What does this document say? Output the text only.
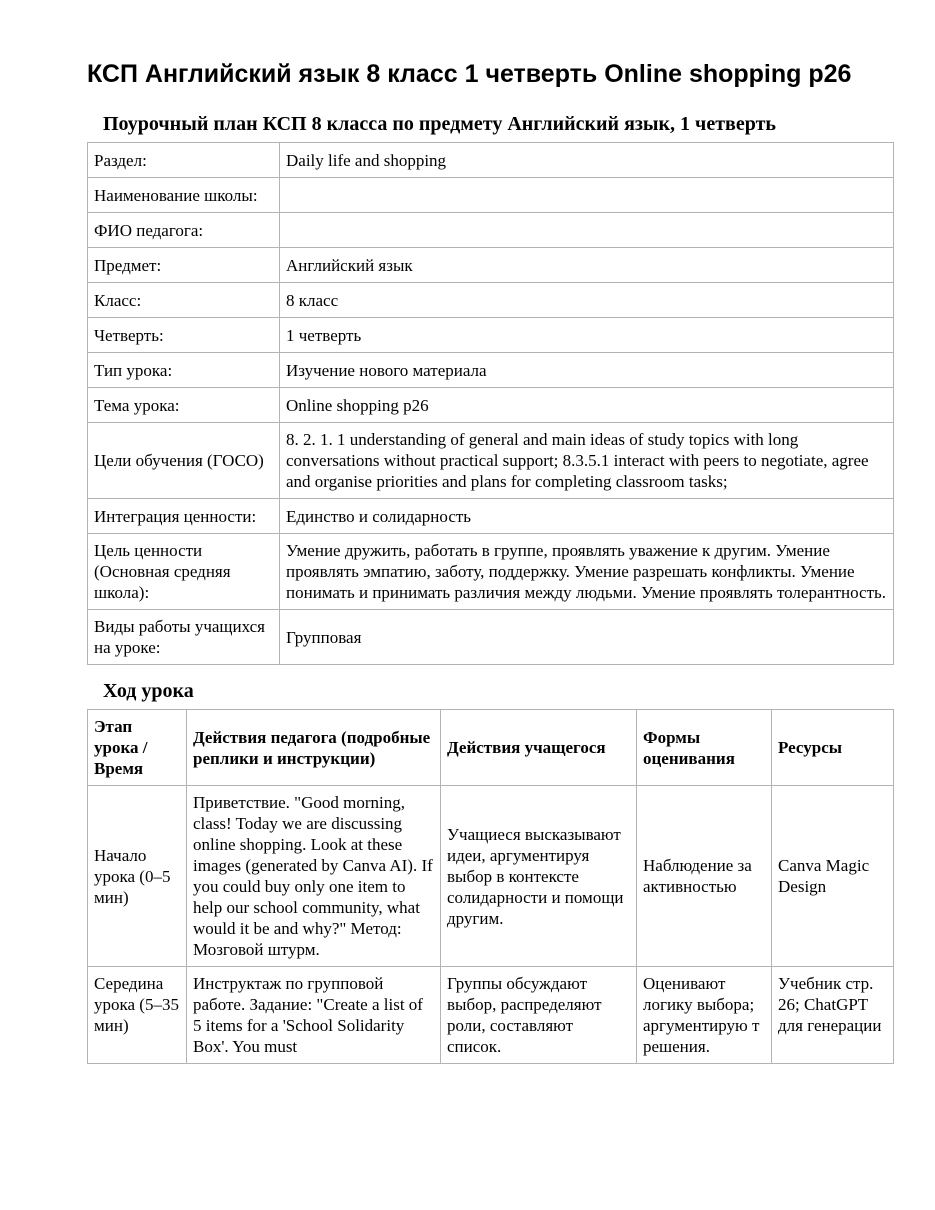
КСП Английский язык 8 класс 1 четверть Online shopping p26
Поурочный план КСП 8 класса по предмету Английский язык, 1 четверть
Раздел:	Daily life and shopping
Наименование школы:	
ФИО педагога:	
Предмет:	Английский язык
Класс:	8 класс
Четверть:	1 четверть
Тип урока:	Изучение нового материала
Тема урока:	Online shopping p26
Цели обучения (ГОСО)	8. 2. 1. 1 understanding of general and main ideas of study topics with long conversations without practical support; 8.3.5.1 interact with peers to negotiate, agree and organise priorities and plans for completing classroom tasks;
Интеграция ценности:	Единство и солидарность
Цель ценности (Основная средняя школа):	Умение дружить, работать в группе, проявлять уважение к другим. Умение проявлять эмпатию, заботу, поддержку. Умение разрешать конфликты. Умение понимать и принимать различия между людьми. Умение проявлять толерантность.
Виды работы учащихся на уроке:	Групповая
Ход урока
Этап урока / Время	Действия педагога (подробные реплики и инструкции)	Действия учащегося	Формы оценивания	Ресурсы
Начало урока (0–5 мин)	Приветствие. "Good morning, class! Today we are discussing online shopping. Look at these images (generated by Canva AI). If you could buy only one item to help our school community, what would it be and why?" Метод: Мозговой штурм.	Учащиеся высказывают идеи, аргументируя выбор в контексте солидарности и помощи другим.	Наблюдение за активностью	Canva Magic Design
Середина урока (5–35 мин)	Инструктаж по групповой работе. Задание: "Create a list of 5 items for a 'School Solidarity Box'. You must	Группы обсуждают выбор, распределяют роли, составляют список.	Оценивают логику выбора; аргументирую т решения.	Учебник стр. 26; ChatGPT для генерации
